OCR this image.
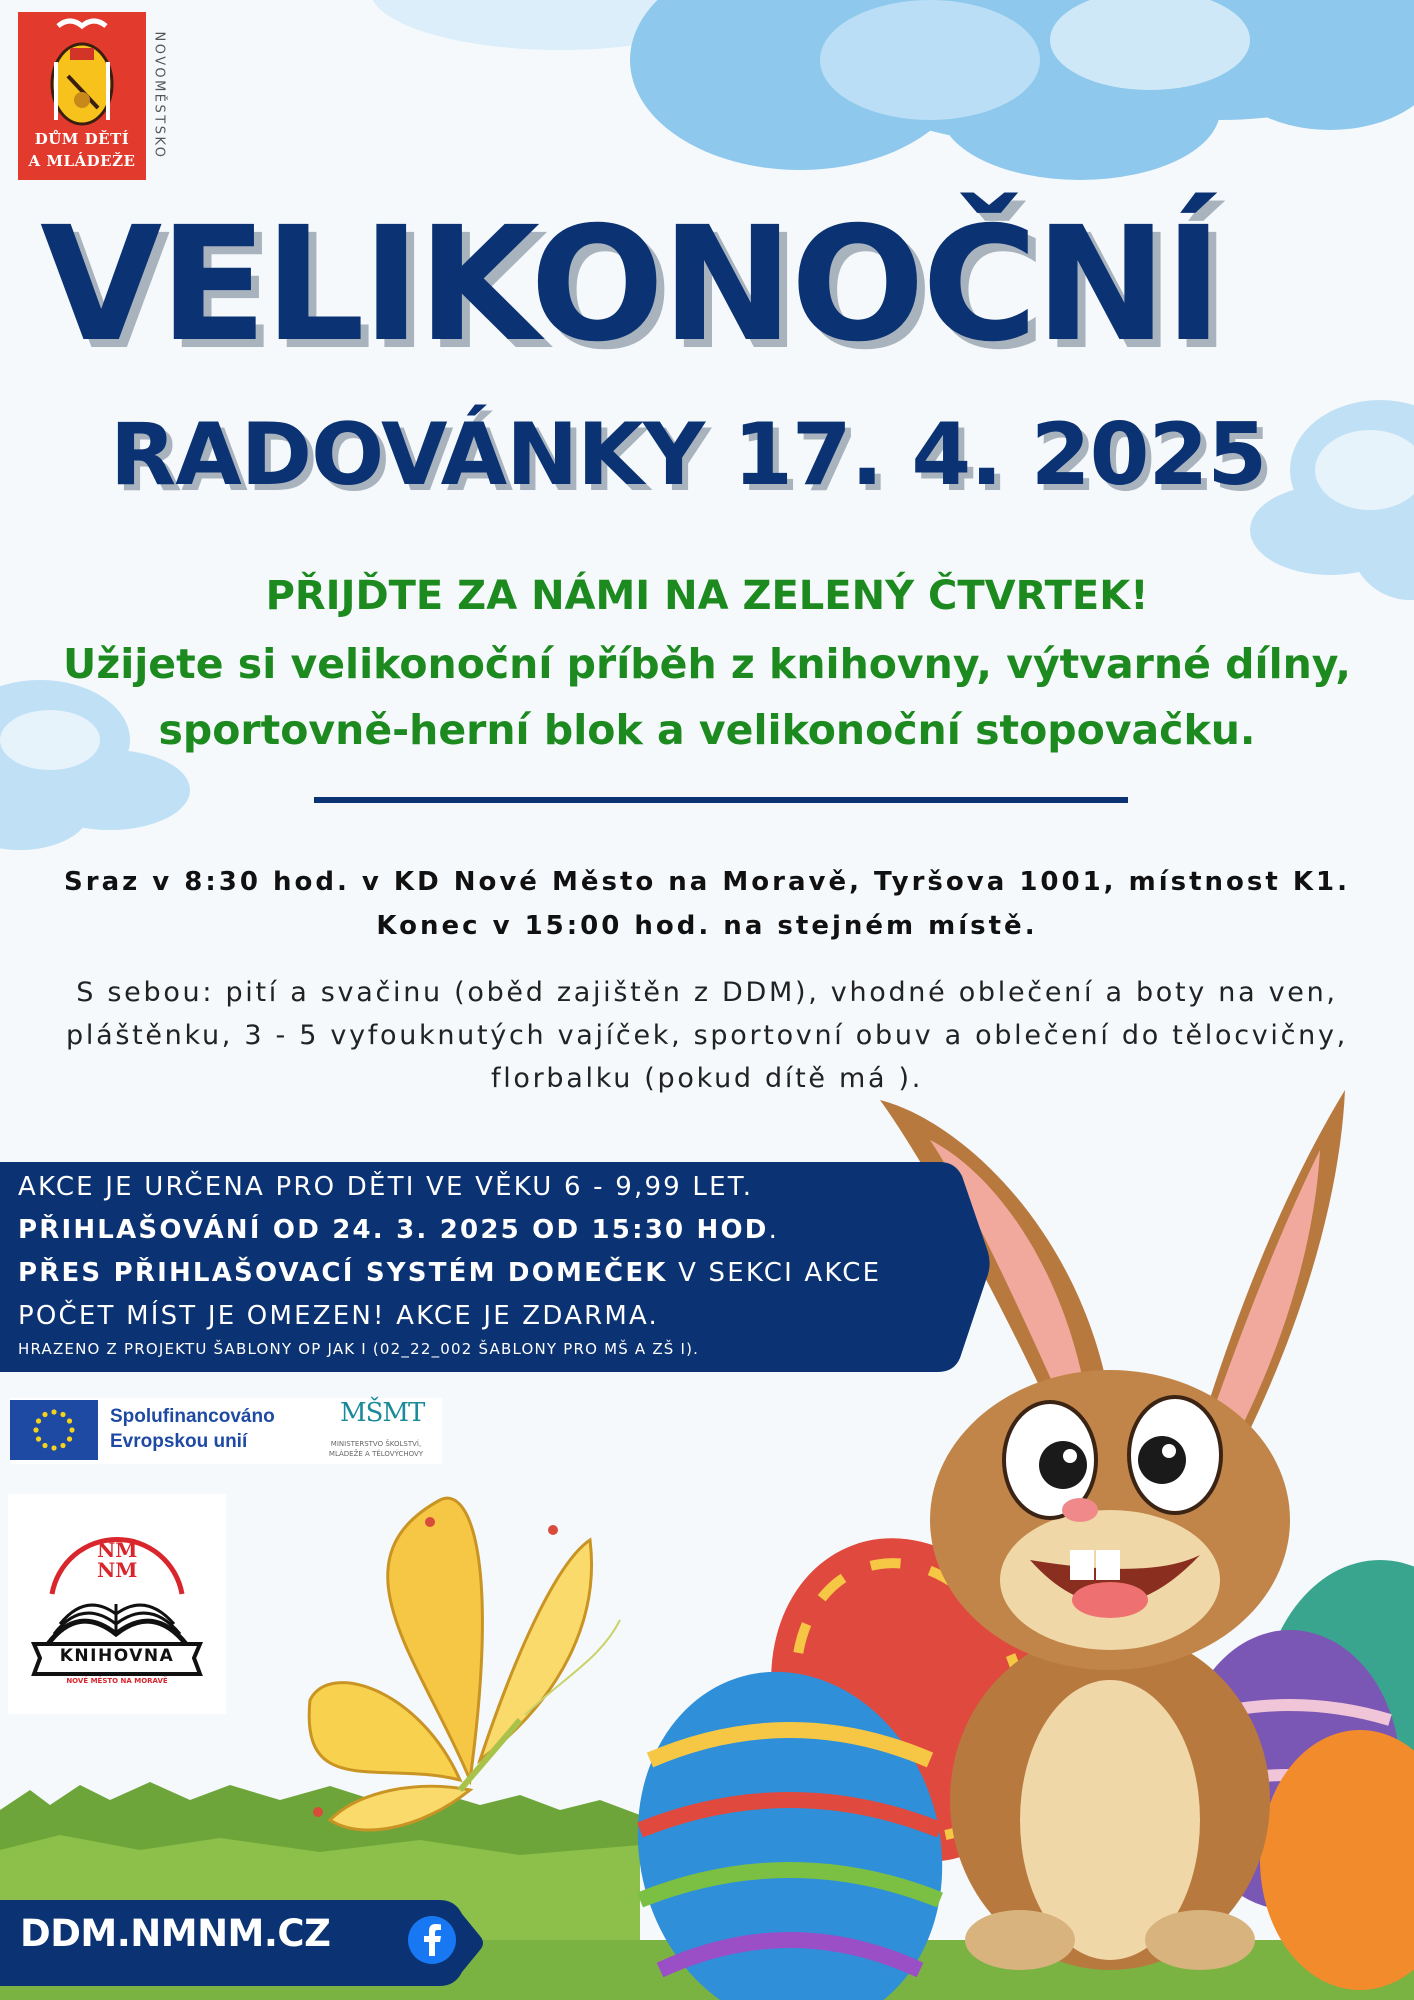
DŮM DĚTÍ
A MLÁDEŽE
NOVOMĚSTSKO
VELIKONOČNÍ
RADOVÁNKY 17. 4. 2025
PŘIJĎTE ZA NÁMI NA ZELENÝ ČTVRTEK!
Užijete si velikonoční příběh z knihovny, výtvarné dílny,
sportovně-herní blok a velikonoční stopovačku.
Sraz v 8:30 hod. v KD Nové Město na Moravě, Tyršova 1001, místnost K1.
Konec v 15:00 hod. na stejném místě.
S sebou: pití a svačinu (oběd zajištěn z DDM), vhodné oblečení a boty na ven,
pláštěnku, 3 - 5 vyfouknutých vajíček, sportovní obuv a oblečení do tělocvičny,
florbalku (pokud dítě má ).
AKCE JE URČENA PRO DĚTI VE VĚKU 6 - 9,99 LET.
PŘIHLAŠOVÁNÍ OD 24. 3. 2025 OD 15:30 HOD.
PŘES PŘIHLAŠOVACÍ SYSTÉM DOMEČEK V SEKCI AKCE
POČET MÍST JE OMEZEN! AKCE JE ZDARMA.
HRAZENO Z PROJEKTU ŠABLONY OP JAK I (02_22_002 ŠABLONY PRO MŠ A ZŠ I).
Spolufinancováno
Evropskou unií
MŠMT
MINISTERSTVO ŠKOLSTVÍ,
MLÁDEŽE A TĚLOVÝCHOVY
NM NM
KNIHOVNA
NOVÉ MĚSTO NA MORAVĚ
DDM.NMNM.CZ
